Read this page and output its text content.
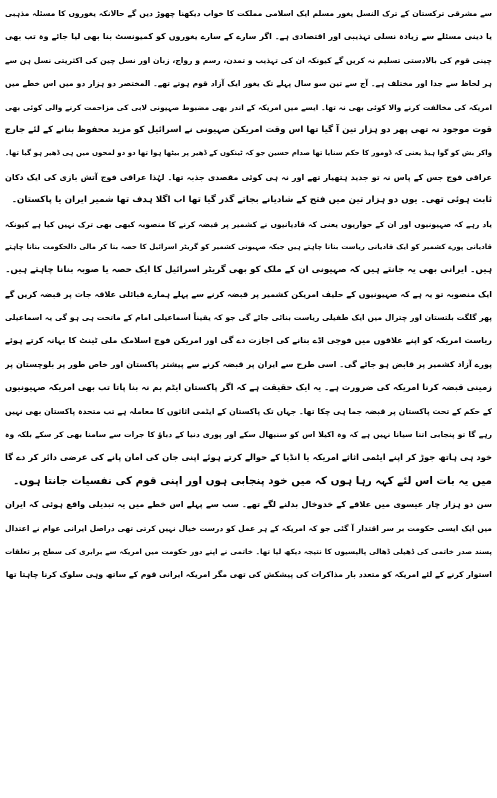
سے مشرقی ترکستان کے ترک النسل یغور مسلم ایک اسلامی مملکت کا خواب دیکھنا چھوڑ دیں گے حالانکہ یغوروں کا مسئلہ مذہبی
یا دینی مسئلے سے زیادہ نسلی تہذیبی اور اقتصادی ہے۔ اگر سارے کے سارے یغوروں کو کمیونسٹ بنا بھی لیا جائے وہ تب بھی
چینی قوم کی بالادستی تسلیم نہ کریں گے کیونکہ ان کی تہذیب و تمدن، رسم و رواج، زبان اور نسل چین کی اکثریتی نسل ہن سے
ہر لحاظ سے جدا اور مختلف ہے۔ آج سے تین سو سال پہلے تک یغور ایک آزاد قوم ہوتے تھے۔ المختصر دو ہزار دو میں اس خطے میں
امریکہ کی مخالفت کرنے والا کوئی بھی نہ تھا۔ ایسے میں امریکہ کے اندر بھی مضبوط صہیونی لابی کی مزاحمت کرنے والی کوئی بھی
قوت موجود نہ تھی پھر دو ہزار تین آ گیا تھا اس وقت امریکن صہیونی نے اسرائیل کو مزید محفوظ بنانے کے لئے جارج
واکر بش کو گوا ہیڈ یعنی کہ ڈومور کا حکم سنایا تھا صدام حسین جو کہ ٹینکوں کے ڈھیر پر بیٹھا ہوا تھا دو دو لمحوں میں ہی ڈھیر ہو گیا تھا۔
عراقی فوج جس کے پاس نہ تو جدید ہتھیار تھے اور نہ ہی کوئی مقصدی جذبہ تھا۔ لہٰذا عراقی فوج آتش بازی کی ایک دکان
ثابت ہوئی تھی۔ یوں دو ہزار تین میں فتح کے شادیانے بجاتے گذر گیا تھا اب اگلا ہدف تھا شمیر ایران یا پاکستان۔
یاد رہے کہ صہیونیوں اور ان کے حواریوں یعنی کہ قادیانیوں نے کشمیر پر قبضہ کرنے کا منصوبہ کبھی بھی ترک نہیں کیا ہے کیونکہ
قادیانی پورے کشمیر کو ایک قادیانی ریاست بنانا چاہتے ہیں جبکہ صہیونی کشمیر کو گریٹر اسرائیل کا حصہ بنا کر مالی دالحکومت بنانا چاہتے
ہیں۔ ایرانی بھی یہ جانتے ہیں کہ صہیونی ان کے ملک کو بھی گریٹر اسرائیل کا ایک حصہ یا صوبہ بنانا چاہتے ہیں۔
ایک منصوبہ تو یہ ہے کہ صہیونیوں کے حلیف امریکن کشمیر پر قبضہ کرنے سے پہلے ہمارے قبائلی علاقہ جات پر قبضہ کریں گے
پھر گلگت بلتستان اور چترال میں ایک طفیلی ریاست بنائی جائے گی جو کہ یقیناً اسماعیلی امام کے ماتحت ہی ہو گی یہ اسماعیلی
ریاست امریکہ کو اپنے علاقوں میں فوجی اڈے بنانے کی اجازت دے گی اور امریکن فوج اسلامک ملی ٹینٹ کا بہانہ کرتے ہوئے
پورے آزاد کشمیر پر قابض ہو جائے گی۔ اسی طرح سے ایران پر قبضہ کرنے سے پیشتر پاکستان اور خاص طور پر بلوچستان پر
زمینی قبضہ کرنا امریکہ کی ضرورت ہے۔ یہ ایک حقیقت ہے کہ اگر پاکستان ایٹم بم نہ بنا پاتا تب بھی امریکہ صہیونیوں
کے حکم کے تحت پاکستان پر قبضہ جما ہی چکا تھا۔ جہاں تک پاکستان کے ایٹمی اثاثوں کا معاملہ ہے تب متحدہ پاکستان بھی نہیں
رہے گا تو پنجابی اتنا سیانا نہیں ہے کہ وہ اکیلا اس کو سنبھال سکے اور پوری دنیا کے دباؤ کا جرات سے سامنا بھی کر سکے بلکہ وہ
خود ہی ہاتھ جوڑ کر اپنے ایٹمی اثاثے امریکہ یا انڈیا کے حوالے کرتے ہوئے اپنی جان کی امان پانے کی عرضی دائر کر دے گا
میں یہ بات اس لئے کہہ رہا ہوں کہ میں خود پنجابی ہوں اور اپنی قوم کی نفسیات جانتا ہوں۔
سن دو ہزار چار عیسوی میں علاقے کے خدوخال بدلنے لگے تھے۔ سب سے پہلے اس خطے میں یہ تبدیلی واقع ہوئی کہ ایران
میں ایک ایسی حکومت بر سر اقتدار آ گئی جو کہ امریکہ کے ہر عمل کو درست خیال نہیں کرتی تھی دراصل ایرانی عوام نے اعتدال
پسند صدر خاتمی کی ڈھیلی ڈھالی پالیسیوں کا نتیجہ دیکھ لیا تھا۔ خاتمی نے اپنے دور حکومت میں امریکہ سے برابری کی سطح پر تعلقات
استوار کرنے کے لئے امریکہ کو متعدد بار مذاکرات کی پیشکش کی تھی مگر امریکہ ایرانی قوم کے ساتھ وہی سلوک کرنا چاہتا تھا
